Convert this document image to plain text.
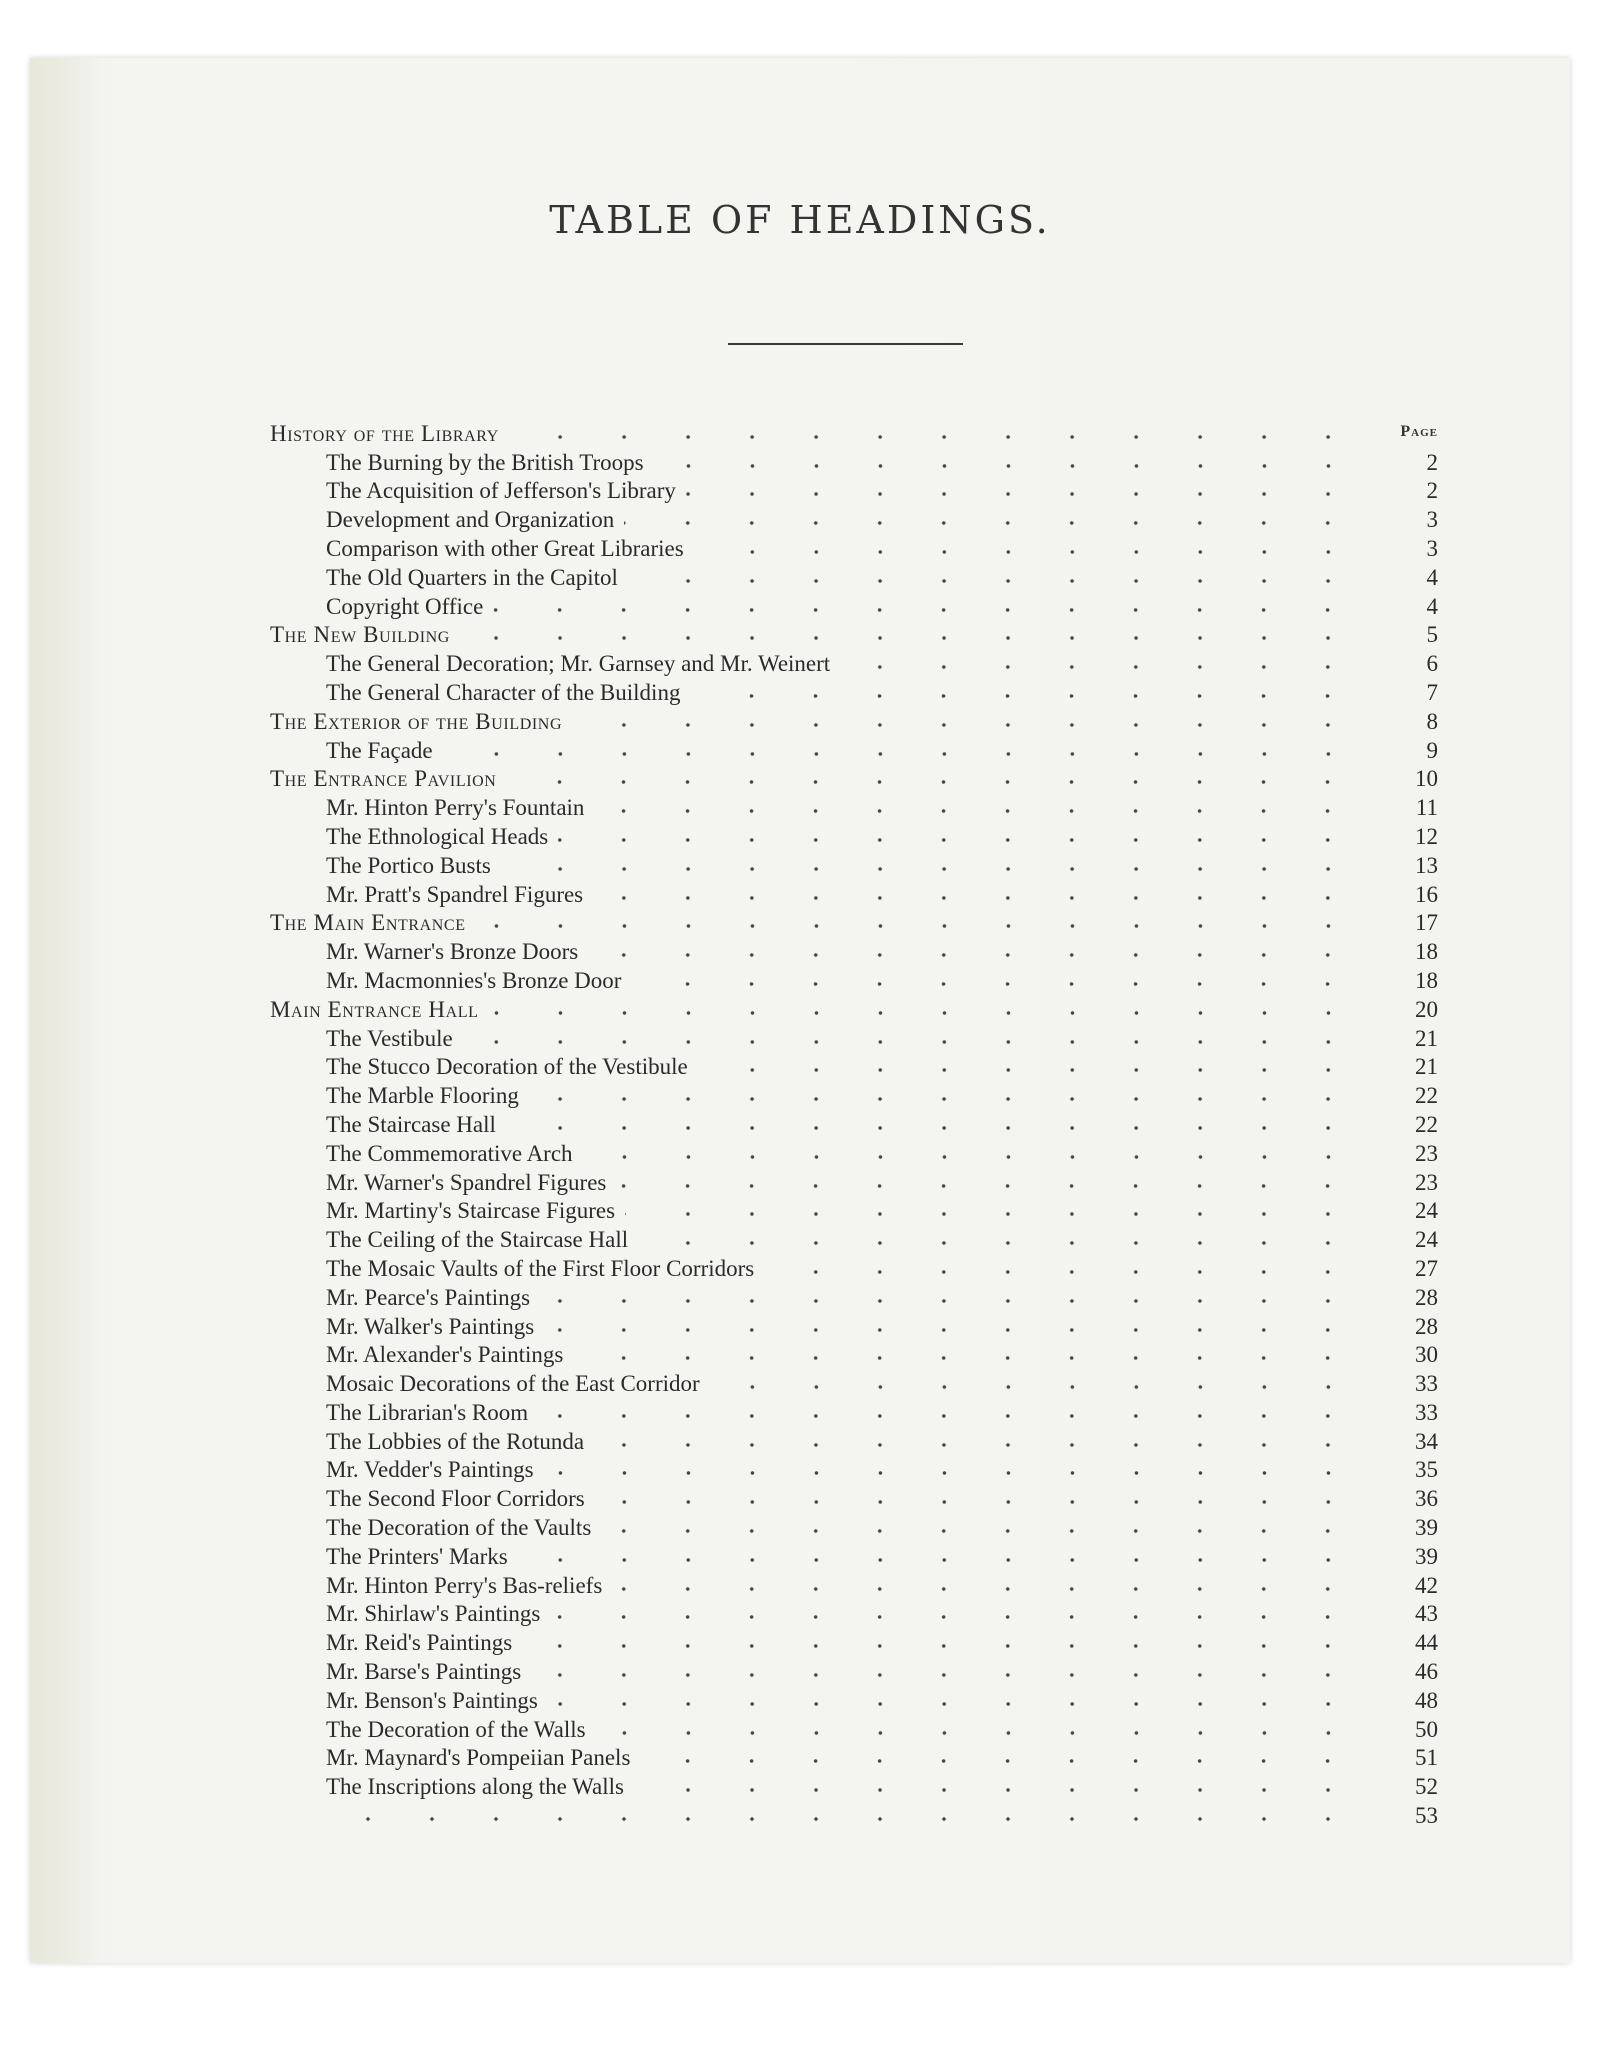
TABLE OF HEADINGS.
Page
History of the Library
The Burning by the British Troops	2
The Acquisition of Jefferson's Library	2
Development and Organization	3
Comparison with other Great Libraries	3
The Old Quarters in the Capitol	4
Copyright Office	4
The New Building	5
The General Decoration; Mr. Garnsey and Mr. Weinert	6
The General Character of the Building	7
The Exterior of the Building	8
The Façade	9
The Entrance Pavilion	10
Mr. Hinton Perry's Fountain	11
The Ethnological Heads	12
The Portico Busts	13
Mr. Pratt's Spandrel Figures	16
The Main Entrance	17
Mr. Warner's Bronze Doors	18
Mr. Macmonnies's Bronze Door	18
Main Entrance Hall	20
The Vestibule	21
The Stucco Decoration of the Vestibule	21
The Marble Flooring	22
The Staircase Hall	22
The Commemorative Arch	23
Mr. Warner's Spandrel Figures	23
Mr. Martiny's Staircase Figures	24
The Ceiling of the Staircase Hall	24
The Mosaic Vaults of the First Floor Corridors	27
Mr. Pearce's Paintings	28
Mr. Walker's Paintings	28
Mr. Alexander's Paintings	30
Mosaic Decorations of the East Corridor	33
The Librarian's Room	33
The Lobbies of the Rotunda	34
Mr. Vedder's Paintings	35
The Second Floor Corridors	36
The Decoration of the Vaults	39
The Printers' Marks	39
Mr. Hinton Perry's Bas-reliefs	42
Mr. Shirlaw's Paintings	43
Mr. Reid's Paintings	44
Mr. Barse's Paintings	46
Mr. Benson's Paintings	48
The Decoration of the Walls	50
Mr. Maynard's Pompeiian Panels	51
The Inscriptions along the Walls	52
53
